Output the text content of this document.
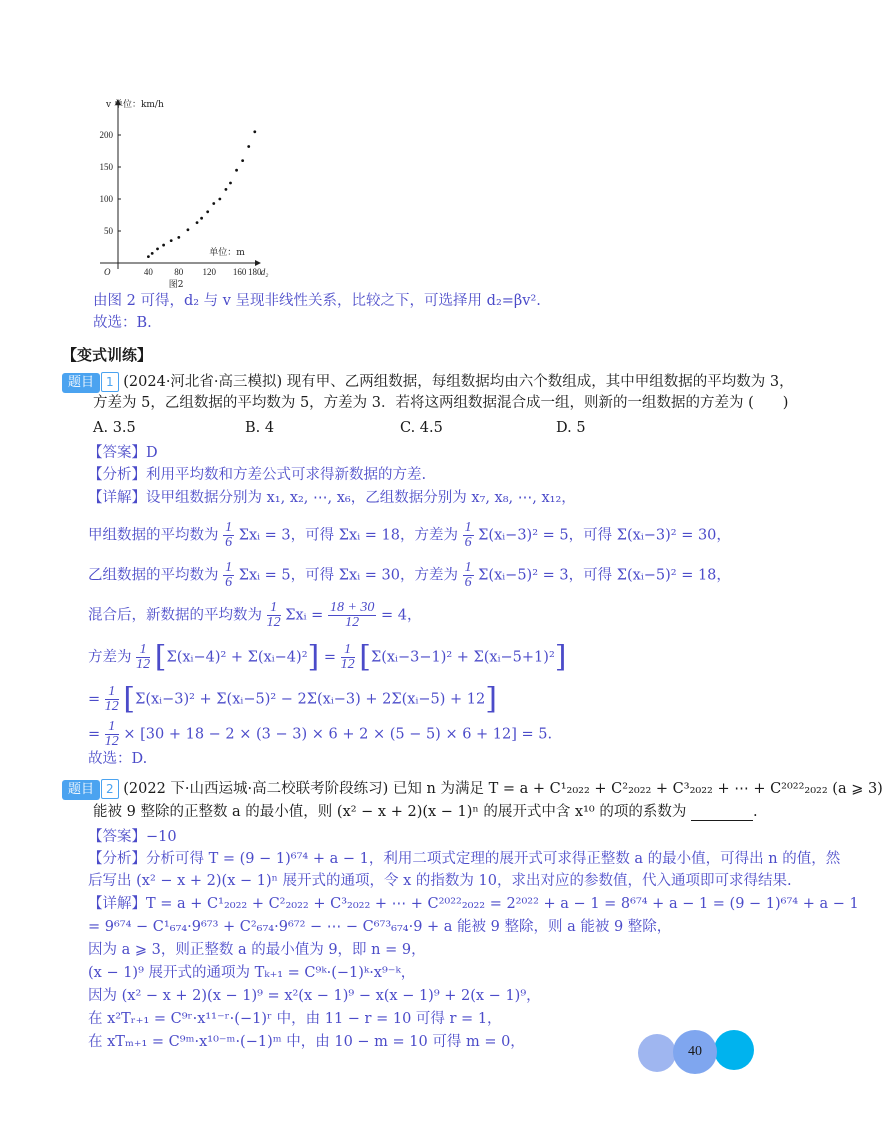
50
100
150
200
40 80 120 160 180
v 单位：km/h
单位：m
d₂
O
图2
由图 2 可得，d₂ 与 v 呈现非线性关系，比较之下，可选择用 d₂=βv².
故选：B.
【变式训练】
题目 1 (2024·河北省·高三模拟) 现有甲、乙两组数据，每组数据均由六个数组成，其中甲组数据的平均数为 3，
方差为 5，乙组数据的平均数为 5，方差为 3．若将这两组数据混合成一组，则新的一组数据的方差为 (　　)
A. 3.5	B. 4	C. 4.5	D. 5
【答案】D
【分析】利用平均数和方差公式可求得新数据的方差.
【详解】设甲组数据分别为 x₁, x₂, ⋯, x₆，乙组数据分别为 x₇, x₈, ⋯, x₁₂，
甲组数据的平均数为 $\frac{1}{6}$ Σxᵢ = 3，可得 Σxᵢ = 18，方差为 $\frac{1}{6}$ Σ(xᵢ−3)² = 5，可得 Σ(xᵢ−3)² = 30，
乙组数据的平均数为 $\frac{1}{6}$ Σxᵢ = 5，可得 Σxᵢ = 30，方差为 $\frac{1}{6}$ Σ(xᵢ−5)² = 3，可得 Σ(xᵢ−5)² = 18，
混合后，新数据的平均数为 $\frac{1}{12}$ Σxᵢ = $\frac{18 + 30}{12} = 4$，
方差为 $\frac{1}{12}$ [Σ(xᵢ−4)² + Σ(xᵢ−4)²] = $\frac{1}{12}$ [Σ(xᵢ−3−1)² + Σ(xᵢ−5+1)²]
= $\frac{1}{12}$ [Σ(xᵢ−3)² + Σ(xᵢ−5)² − 2Σ(xᵢ−3) + 2Σ(xᵢ−5) + 12]
= $\frac{1}{12} \times [30 + 18 - 2 \times (3 - 3) \times 6 + 2 \times (5 - 5) \times 6 + 12] = 5$.
故选：D.
题目 2 (2022 下·山西运城·高二校联考阶段练习) 已知 n 为满足 T = a + C¹₂₀₂₂ + C²₂₀₂₂ + C³₂₀₂₂ + ⋯ + C²⁰²²₂₀₂₂ (a ⩾ 3)
能被 9 整除的正整数 a 的最小值，则 (x² − x + 2)(x − 1)ⁿ 的展开式中含 x¹⁰ 的项的系数为	.
【答案】−10
【分析】分析可得 T = (9 − 1)⁶⁷⁴ + a − 1，利用二项式定理的展开式可求得正整数 a 的最小值，可得出 n 的值，然
后写出 (x² − x + 2)(x − 1)ⁿ 展开式的通项，令 x 的指数为 10，求出对应的参数值，代入通项即可求得结果.
【详解】T = a + C¹₂₀₂₂ + C²₂₀₂₂ + C³₂₀₂₂ + ⋯ + C²⁰²²₂₀₂₂ = 2²⁰²² + a − 1 = 8⁶⁷⁴ + a − 1 = (9 − 1)⁶⁷⁴ + a − 1
= 9⁶⁷⁴ − C¹₆₇₄·9⁶⁷³ + C²₆₇₄·9⁶⁷² − ⋯ − C⁶⁷³₆₇₄·9 + a 能被 9 整除，则 a 能被 9 整除，
因为 a ⩾ 3，则正整数 a 的最小值为 9，即 n = 9，
(x − 1)⁹ 展开式的通项为 Tₖ₊₁ = C⁹ᵏ·(−1)ᵏ·x⁹⁻ᵏ，
因为 (x² − x + 2)(x − 1)⁹ = x²(x − 1)⁹ − x(x − 1)⁹ + 2(x − 1)⁹，
在 x²Tᵣ₊₁ = C⁹ʳ·x¹¹⁻ʳ·(−1)ʳ 中，由 11 − r = 10 可得 r = 1，
在 xTₘ₊₁ = C⁹ᵐ·x¹⁰⁻ᵐ·(−1)ᵐ 中，由 10 − m = 10 可得 m = 0，
40
